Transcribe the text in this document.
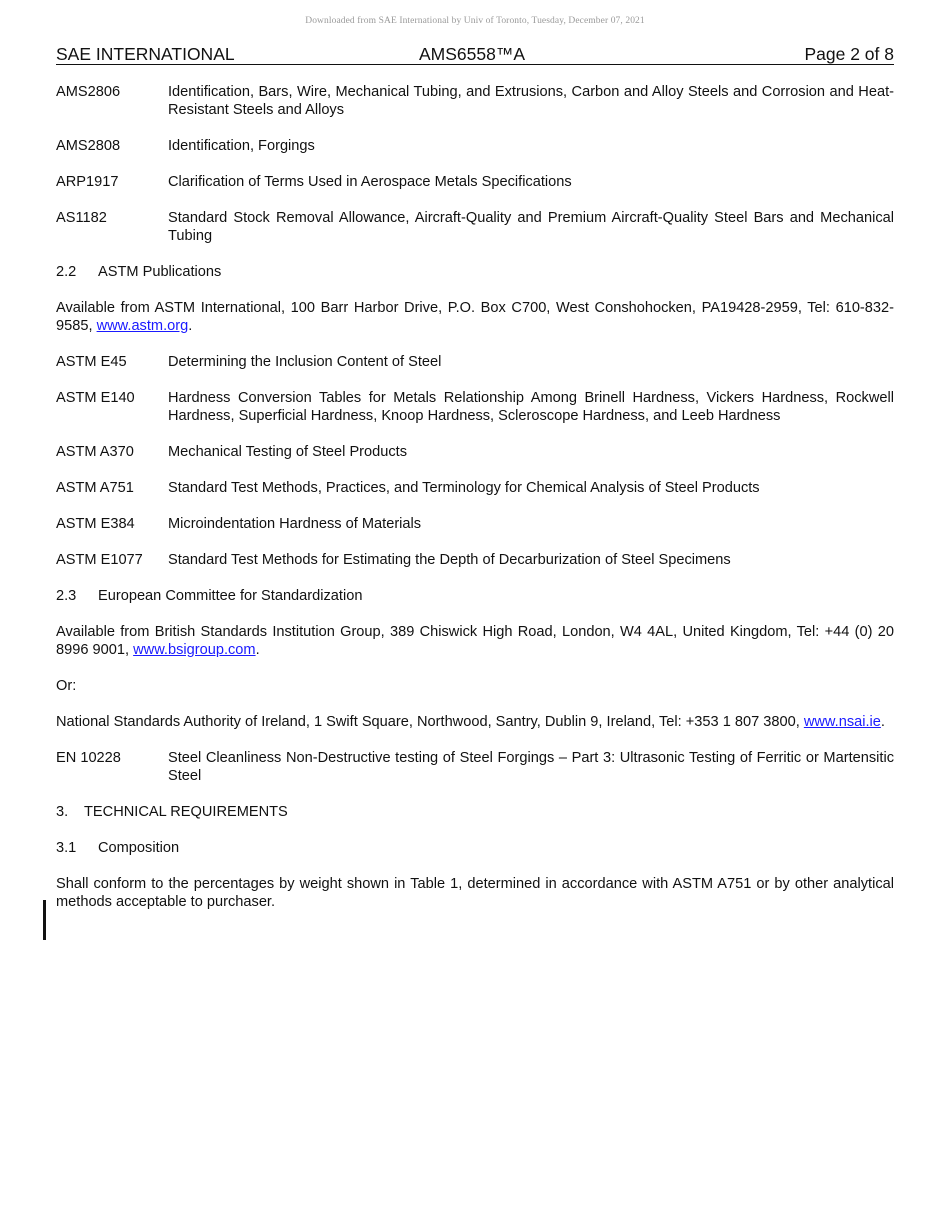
Downloaded from SAE International by Univ of Toronto, Tuesday, December 07, 2021
SAE INTERNATIONAL	AMS6558™A	Page 2 of 8
AMS2806	Identification, Bars, Wire, Mechanical Tubing, and Extrusions, Carbon and Alloy Steels and Corrosion and Heat-Resistant Steels and Alloys
AMS2808	Identification, Forgings
ARP1917	Clarification of Terms Used in Aerospace Metals Specifications
AS1182	Standard Stock Removal Allowance, Aircraft-Quality and Premium Aircraft-Quality Steel Bars and Mechanical Tubing
2.2 ASTM Publications
Available from ASTM International, 100 Barr Harbor Drive, P.O. Box C700, West Conshohocken, PA19428-2959, Tel: 610-832-9585, www.astm.org.
ASTM E45	Determining the Inclusion Content of Steel
ASTM E140	Hardness Conversion Tables for Metals Relationship Among Brinell Hardness, Vickers Hardness, Rockwell Hardness, Superficial Hardness, Knoop Hardness, Scleroscope Hardness, and Leeb Hardness
ASTM A370	Mechanical Testing of Steel Products
ASTM A751	Standard Test Methods, Practices, and Terminology for Chemical Analysis of Steel Products
ASTM E384	Microindentation Hardness of Materials
ASTM E1077	Standard Test Methods for Estimating the Depth of Decarburization of Steel Specimens
2.3 European Committee for Standardization
Available from British Standards Institution Group, 389 Chiswick High Road, London, W4 4AL, United Kingdom, Tel: +44 (0) 20 8996 9001, www.bsigroup.com.
Or:
National Standards Authority of Ireland, 1 Swift Square, Northwood, Santry, Dublin 9, Ireland, Tel: +353 1 807 3800, www.nsai.ie.
EN 10228	Steel Cleanliness Non-Destructive testing of Steel Forgings – Part 3: Ultrasonic Testing of Ferritic or Martensitic Steel
3. TECHNICAL REQUIREMENTS
3.1 Composition
Shall conform to the percentages by weight shown in Table 1, determined in accordance with ASTM A751 or by other analytical methods acceptable to purchaser.
